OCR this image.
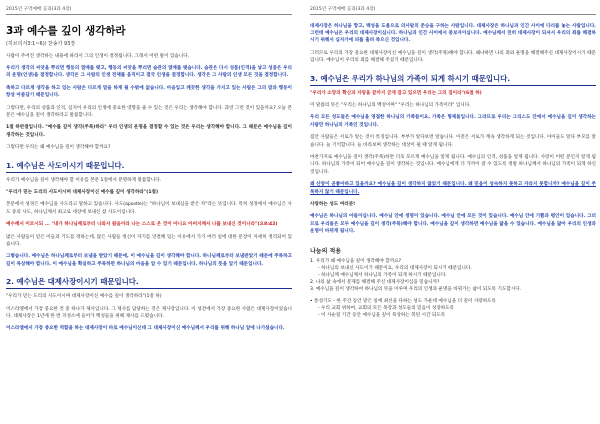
2015년 구역예배 공과(3과 4장)
3과 예수를 깊이 생각하라
(히브리서3:1~6)/ 찬송가 93장

사람이 주어진 생각하는 내용에 따라서 그의 인생이 결정됩니다. 그래서 어떤 말이 있습니다.

우리가 생각의 씨앗을 뿌리면 행동의 열매를 맺고, 행동의 씨앗을 뿌리면 습관의 열매를 맺습니다. 습관은 다시 성품(인격)을 낳고 성품은 우리의 운명(인생)을 결정합니다. 생각은 그 사람의 인생 전체를 움직이고 결국 인생을 결정합니다. 생각은 그 사람의 인생 모든 것을 결정합니다.

축하고 다르게 생각을 하고 있는 사람은 다르게 말을 하게 될 수밖에 없습니다. 마음입고 깨끗한 생각을 가지고 있는 사람은 그의 말과 행동이 항상 아름답기 때문입니다.

그렇다면, 우리의 성품과 인격, 심지어 우리의 인생에 중요한 영향을 줄 수 있는 것은 우리는 생각해야 합니다. 과연 그런 것이 있을까요? 오늘 본문은 예수님을 깊이 생각하라고 말씀합니다.

1절 하반절입니다. "예수를 깊이 생각(주목)하라" 우리 인생의 운명을 결정할 수 있는 것은 우리는 생각해야 합니다. 그 때문은 예수님을 깊이 생각하는 것입니다.

그렇다면 우리는 왜 예수님을 깊이 생각해야 할까요?

1. 예수님은 사도이시기 때문입니다.

우리가 예수님을 깊이 생각해야 할 이유를 본문 1절에서 분명하게 말씀합니다.

"우리가 믿는 도리의 사도이시며 대제사장이신 예수를 깊이 생각하라"(1절)

본문에서 성경은 예수님을 사도라고 말하고 있습니다. 사도(apostle)는 "하나님이 보내심을 받은 자"라는 뜻입니다. 특히 성경에서 예수님은 사도 중의 사도, 하나님께서 최고로 세상에 보내신 참 사도이십니다.

예수께서 이르시되 ... "내가 하나님께로부터 나와서 왔음이라 나는 스스로 온 것이 아니요 아버지께서 나를 보내신 것이니라"(요8:42)

많은 사람들이 믿은 이들과 기도를 정하는데, 많은 사람들 정신이 자기를 연결해 있는 이유에서 가기 여러 일에 대한 문장이 자세히 정리되어 있습니다.

그렇습니다. 예수님은 하나님께로부터 보냄을 받았기 때문에, 이 예수님을 깊이 생각해야 합니다. 하나님께로부터 보냄받았기 때문에 주목하고 깊이 묵상해야 합니다. 이 예수님을 확실하고 주목하면 하나님의 마음을 알 수 있기 때문입니다. 하나님의 뜻을 알기 때문입니다.

2. 예수님은 대제사장이시기 때문입니다.

"우리가 믿는 도리의 사도이시며 대제사장이신 예수를 깊이 생각하라"(1절 하)

이스라엘에서 가장 중요한 것 중 하나가 제사입니다. 그 제사를 담당하는 것은 제사장입니다. 이 성전에서 가장 중요한 사람은 대제사장이었습니다. 대제사장은 1년에 한 번 지성소에 들어가 백성들을 위해 제사를 드렸습니다.

이스라엘에서 가장 중요한 역할을 하는 대제사장이 바로 예수님이신데 그 대제사장이신 예수님께서 우리를 위해 하나님 앞에 나가셨습니다.

2015년 구역예배 공과(3과 4장)

대제사장은 하나님을 향고, 백성을 도울으로 의사람의 준승을 구하는 사람입니다. 대제사장은 하나님과 인간 사이에 다리를 놓는 사람입니다. 그런데 예수님은 우리의 대제사장이십니다. 하나님과 인간 사이에서 중보자이십니다. 예수님께서 친히 대제사장이 되셔서 우리의 죄를 해결하시기 위해서 십자가에 피를 흘려 죽으신 것입니다.

그러므로 우리의 가장 중요한 대제사장이신 예수님을 깊이 생각(주목)해야 합니다. 왜냐하면 나의 죄와 운명을 해결해주신 대제사장이시기 때문입니다. 예수님이 우리의 죄를 해결해 주셨기 때문입니다.

3. 예수님은 우리가 하나님의 가족이 되게 하시기 때문입니다.

"우리가 소망의 확신과 자랑을 끝까지 굳게 잡고 있으면 우리는 그의 집이라"(6절 하)

이 말씀의 뜻은 "우리는 하나님의 백성이며" "우리는 하나님의 가족이라" 입니다.

우리 모든 성도들은 예수님을 영접한 하나님의 가족들이요, 가족은 형제들입니다. 그러므로 우리는 그리스도 안에서 예수님을 깊이 생각하는 사람만 하나님의 가족인 것입니다.

집안 사람들은 서로가 알는 것이 특징입니다. 부부가 알다보면 알습니다. 이전은 서로가 계속 생각하게 되는 것입니다. 아이들도 알다 부모를 알습니다. 늘 기억합니다. 늘 바라보며 생각하는 대상이 될 때 알게 됩니다.

마찬가지로 예수님을 깊이 생각(주목)하면 더욱 모르게 예수님을 알게 됩니다. 예수님의 인격, 성품을 알게 됩니다. 사랑이 어떤 분인지 알게 됩니다. 하나님의 가족이 되어 예수님을 깊이 생각하는 것입니다. 예수님에게 더 가까이 갈 수 있도록 정말 하나님께서 하나님의 가족이 되게 하신 것입니다.

왜 산양이 곧좋아하고 있을까요? 예수님을 깊이 생각하지 않았기 때문입니다. 왜 믿음이 성숙하지 못하고 자라지 못합니까? 예수님을 깊이 주목하지 않기 때문입니다.

사랑하는 성도 여러분!

예수님은 하나님의 아들이십니다. 예수님 안에 생명이 있습니다. 예수님 안에 모든 것이 있습니다. 예수님 안에 기쁨과 평안이 있습니다. 그러므로 우리들은 모두 예수님을 깊이 생각(주목)해야 합니다. 예수님을 깊이 생각하면 예수님을 닮을 수 있습니다. 예수님을 닮아 우리의 인생과 운명이 바뀌게 됩니다.

나눔의 적용

1. 우리가 왜 예수님을 깊이 생각해야 할까요?

- 하나님의 보내신 사도이기 때문이요, 우리의 대제사장이 되시기 때문입니다.

- 하나님께 예수님께서 하나님의 가족이 되게 하시기 때문입니다.

2. 나의 삶 속에서 문제를 해결해 주신 대제사장이심을 믿습니까?

3. 예수님을 깊이 생각하여 하나님의 뜻을 이루며 우리의 인생과 운명을 바꿔가는 삶이 되도록 기도합시다.

• 통성기도 - 한 주간 동안 맡은 일에 최선을 다하는 성도 가운데 예수님을 더 깊이 사랑하도록

- 우리 교회 위하여, 교회의 모든 목장과 성도들의 믿음이 성장하도록

- 이 사순절 기간 동안 예수님을 깊이 묵상하는 복된 시간 되도록
